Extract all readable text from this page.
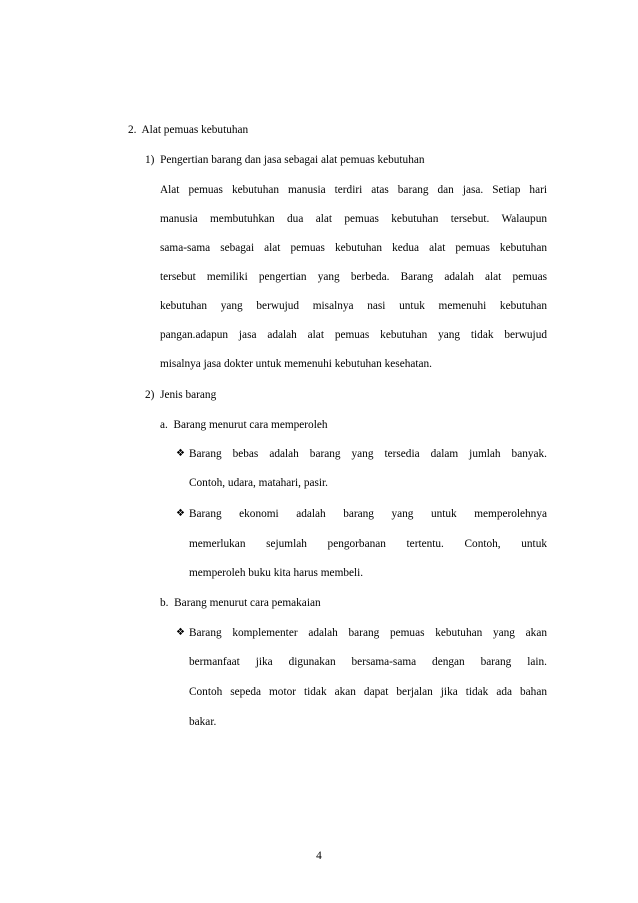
2. Alat pemuas kebutuhan
1) Pengertian barang dan jasa sebagai alat pemuas kebutuhan
Alat pemuas kebutuhan manusia terdiri atas barang dan jasa. Setiap hari
manusia membutuhkan dua alat pemuas kebutuhan tersebut. Walaupun
sama-sama sebagai alat pemuas kebutuhan kedua alat pemuas kebutuhan
tersebut memiliki pengertian yang berbeda. Barang adalah alat pemuas
kebutuhan yang berwujud misalnya nasi untuk memenuhi kebutuhan
pangan.adapun jasa adalah alat pemuas kebutuhan yang tidak berwujud
misalnya jasa dokter untuk memenuhi kebutuhan kesehatan.
2) Jenis barang
a. Barang menurut cara memperoleh
❖ Barang bebas adalah barang yang tersedia dalam jumlah banyak.
Contoh, udara, matahari, pasir.
❖ Barang ekonomi adalah barang yang untuk memperolehnya
memerlukan sejumlah pengorbanan tertentu. Contoh, untuk
memperoleh buku kita harus membeli.
b. Barang menurut cara pemakaian
❖ Barang komplementer adalah barang pemuas kebutuhan yang akan
bermanfaat jika digunakan bersama-sama dengan barang lain.
Contoh sepeda motor tidak akan dapat berjalan jika tidak ada bahan
bakar.
4
